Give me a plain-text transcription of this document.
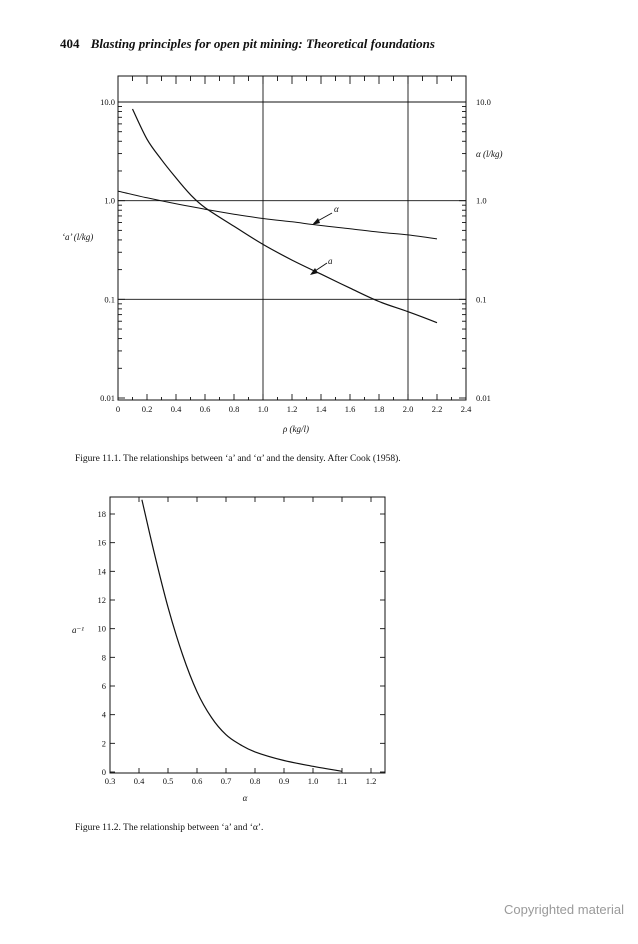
404 Blasting principles for open pit mining: Theoretical foundations
0	0.2 0.4 0.6 0.8 1.0 1.2 1.4 1.6 1.8 2.0 2.2 2.4
0.01	0.01
0.1	0.1
1.0	1.0
10.0	10.0
α
a
ρ (kg/l)
‘a’ (l/kg)
α (l/kg)
Figure 11.1. The relationships between ‘a’ and ‘α’ and the density. After Cook (1958).
0
2
4
6
8
10
12
14
16
18
0.3 0.4 0.5 0.6 0.7 0.8 0.9 1.0 1.1 1.2
α
a⁻¹
Figure 11.2. The relationship between ‘a’ and ‘α’.
Copyrighted material
